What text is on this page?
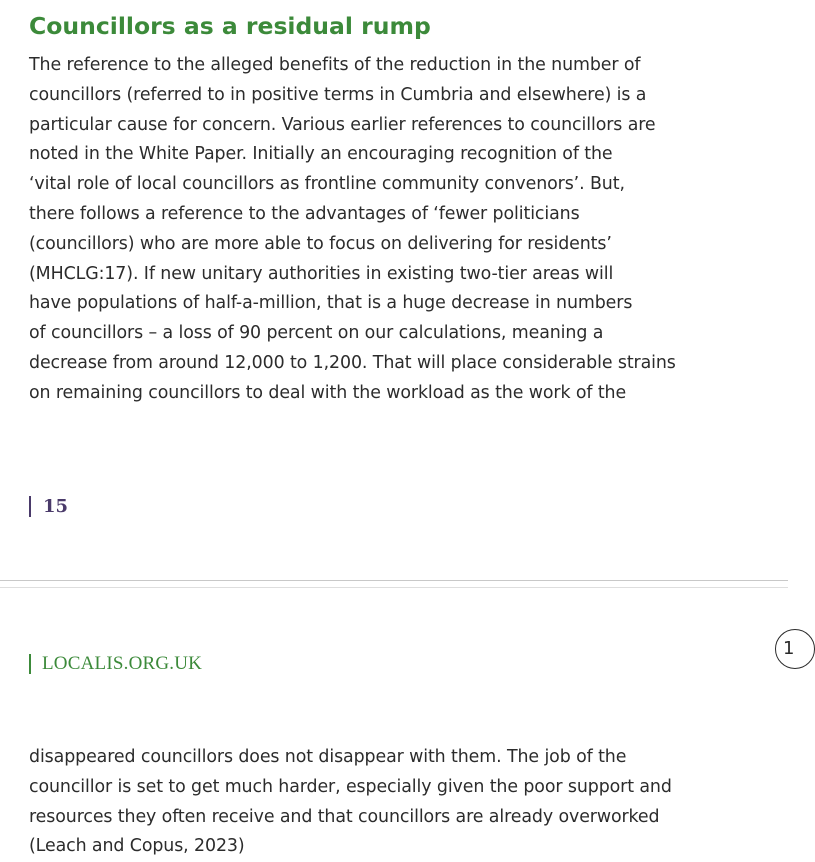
Councillors as a residual rump

The reference to the alleged benefits of the reduction in the number of
councillors (referred to in positive terms in Cumbria and elsewhere) is a
particular cause for concern. Various earlier references to councillors are
noted in the White Paper. Initially an encouraging recognition of the
‘vital role of local councillors as frontline community convenors’. But,
there follows a reference to the advantages of ‘fewer politicians
(councillors) who are more able to focus on delivering for residents’
(MHCLG:17). If new unitary authorities in existing two-tier areas will
have populations of half-a-million, that is a huge decrease in numbers
of councillors – a loss of 90 percent on our calculations, meaning a
decrease from around 12,000 to 1,200. That will place considerable strains
on remaining councillors to deal with the workload as the work of the

15
LOCALIS.ORG.UK
1

disappeared councillors does not disappear with them. The job of the
councillor is set to get much harder, especially given the poor support and
resources they often receive and that councillors are already overworked
(Leach and Copus, 2023)
